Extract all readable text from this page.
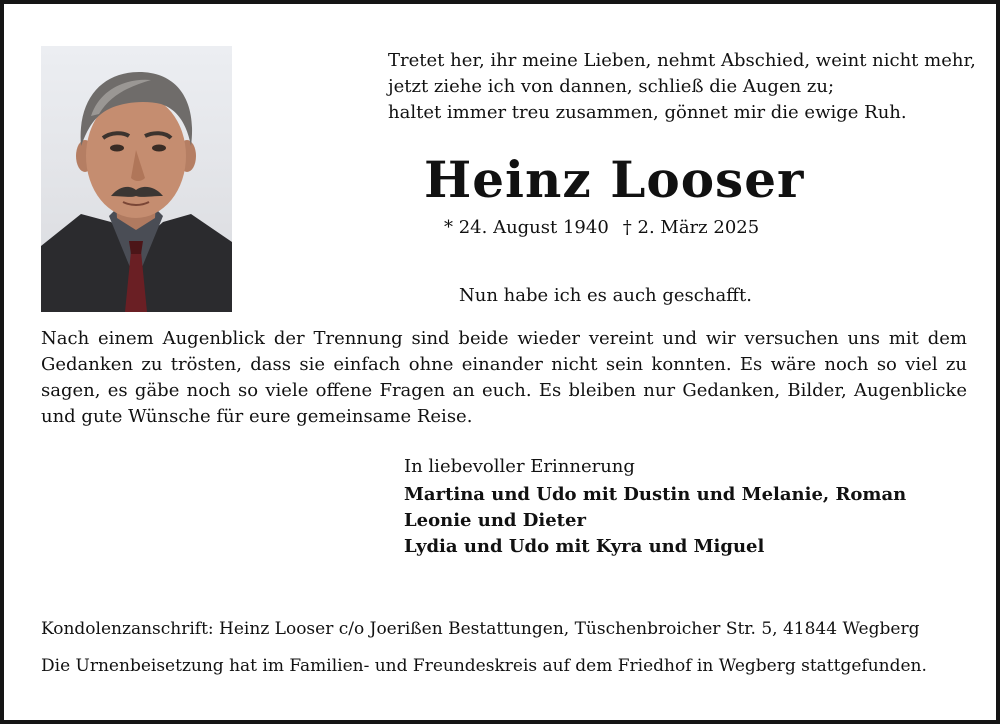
Tretet her, ihr meine Lieben, nehmt Abschied, weint nicht mehr,
jetzt ziehe ich von dannen, schließ die Augen zu;
haltet immer treu zusammen, gönnet mir die ewige Ruh.
Heinz Looser
* 24. August 1940 † 2. März 2025
Nun habe ich es auch geschafft.
Nach einem Augenblick der Trennung sind beide wieder vereint und wir versuchen uns mit dem Gedanken zu trösten, dass sie einfach ohne einander nicht sein konnten. Es wäre noch so viel zu sagen, es gäbe noch so viele offene Fragen an euch. Es bleiben nur Gedanken, Bilder, Augenblicke und gute Wünsche für eure gemeinsame Reise.
In liebevoller Erinnerung
Martina und Udo mit Dustin und Melanie, Roman
Leonie und Dieter
Lydia und Udo mit Kyra und Miguel
Kondolenzanschrift: Heinz Looser c/o Joerißen Bestattungen, Tüschenbroicher Str. 5, 41844 Wegberg
Die Urnenbeisetzung hat im Familien- und Freundeskreis auf dem Friedhof in Wegberg stattgefunden.
